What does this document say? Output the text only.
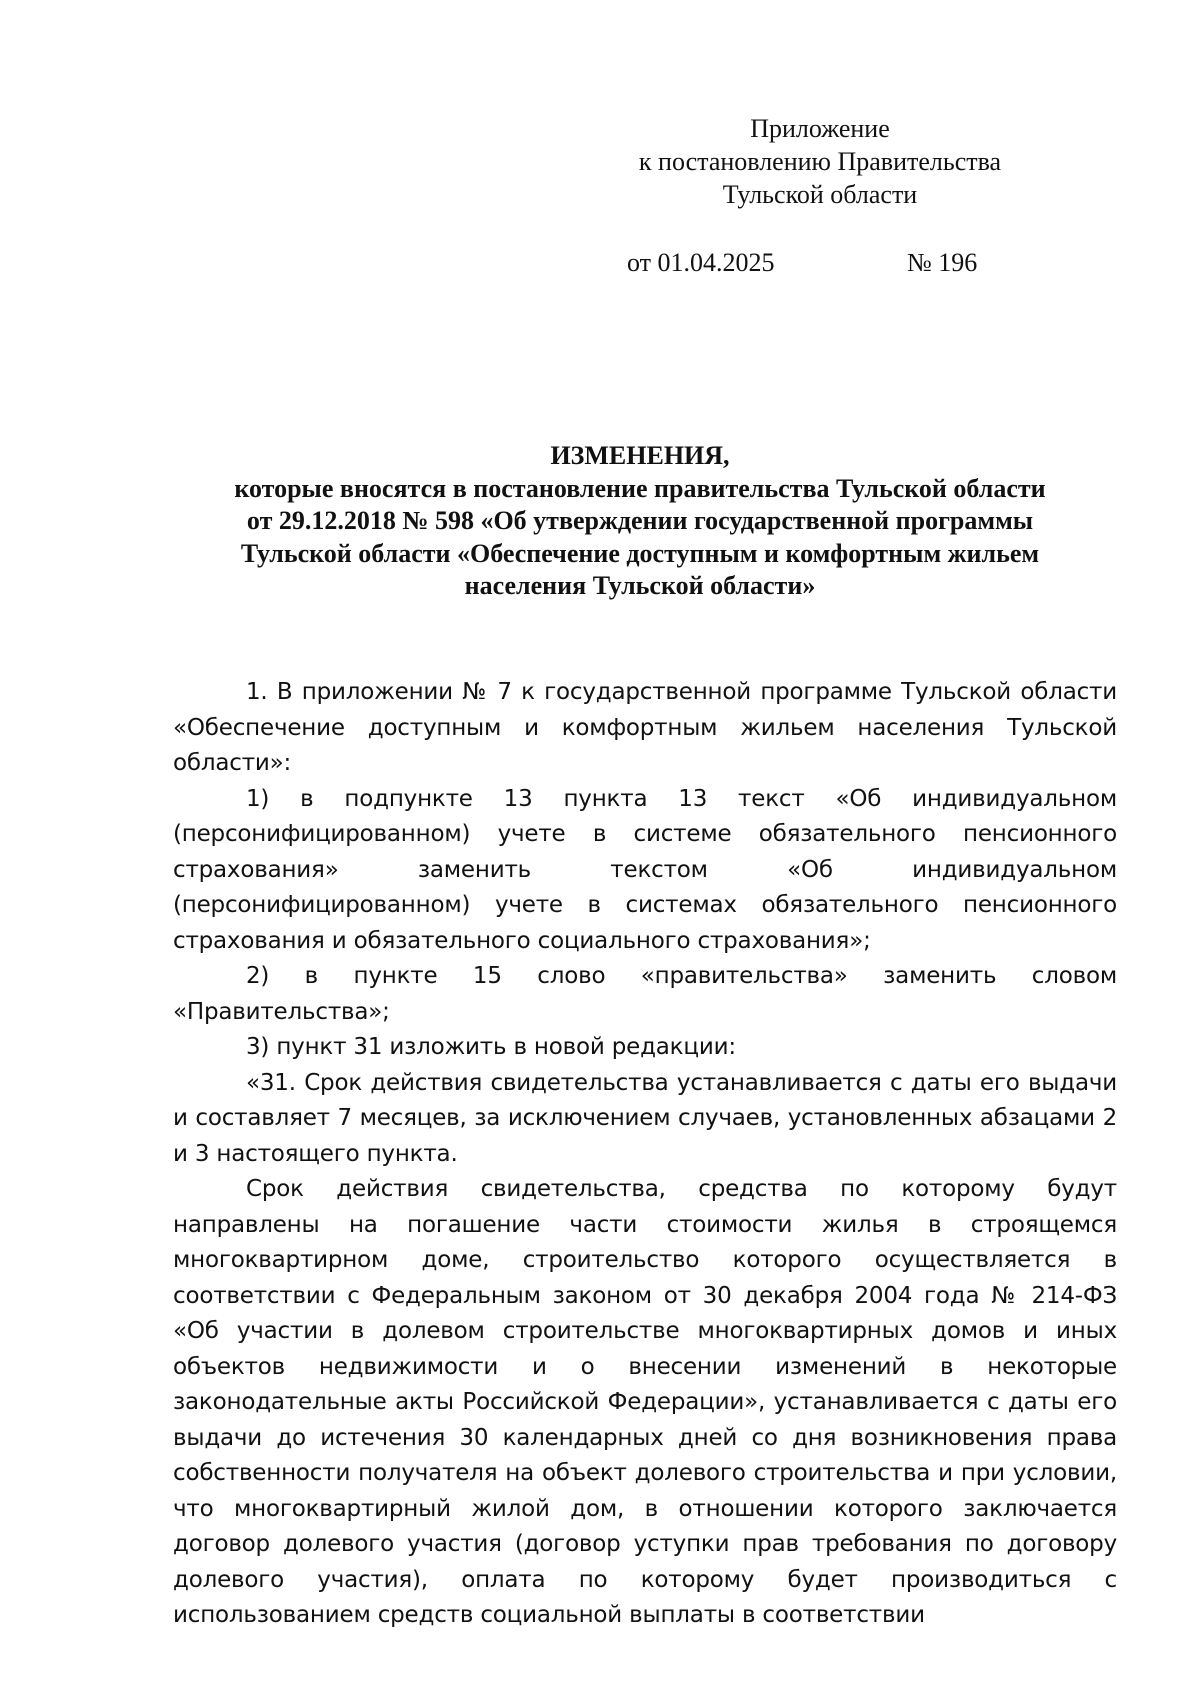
Приложение
к постановлению Правительства
Тульской области
от 01.04.2025	№ 196
ИЗМЕНЕНИЯ,
которые вносятся в постановление правительства Тульской области
от 29.12.2018 № 598 «Об утверждении государственной программы
Тульской области «Обеспечение доступным и комфортным жильем
населения Тульской области»

1. В приложении № 7 к государственной программе Тульской области «Обеспечение доступным и комфортным жильем населения Тульской области»:

1) в подпункте 13 пункта 13 текст «Об индивидуальном (персонифицированном) учете в системе обязательного пенсионного страхования» заменить текстом «Об индивидуальном (персонифицированном) учете в системах обязательного пенсионного страхования и обязательного социального страхования»;

2) в пункте 15 слово «правительства» заменить словом «Правительства»;

3) пункт 31 изложить в новой редакции:

«31. Срок действия свидетельства устанавливается с даты его выдачи и составляет 7 месяцев, за исключением случаев, установленных абзацами 2 и 3 настоящего пункта.

Срок действия свидетельства, средства по которому будут направлены на погашение части стоимости жилья в строящемся многоквартирном доме, строительство которого осуществляется в соответствии с Федеральным законом от 30 декабря 2004 года № 214-ФЗ «Об участии в долевом строительстве многоквартирных домов и иных объектов недвижимости и о внесении изменений в некоторые законодательные акты Российской Федерации», устанавливается с даты его выдачи до истечения 30 календарных дней со дня возникновения права собственности получателя на объект долевого строительства и при условии, что многоквартирный жилой дом, в отношении которого заключается договор долевого участия (договор уступки прав требования по договору долевого участия), оплата по которому будет производиться с использованием средств социальной выплаты в соответствии
